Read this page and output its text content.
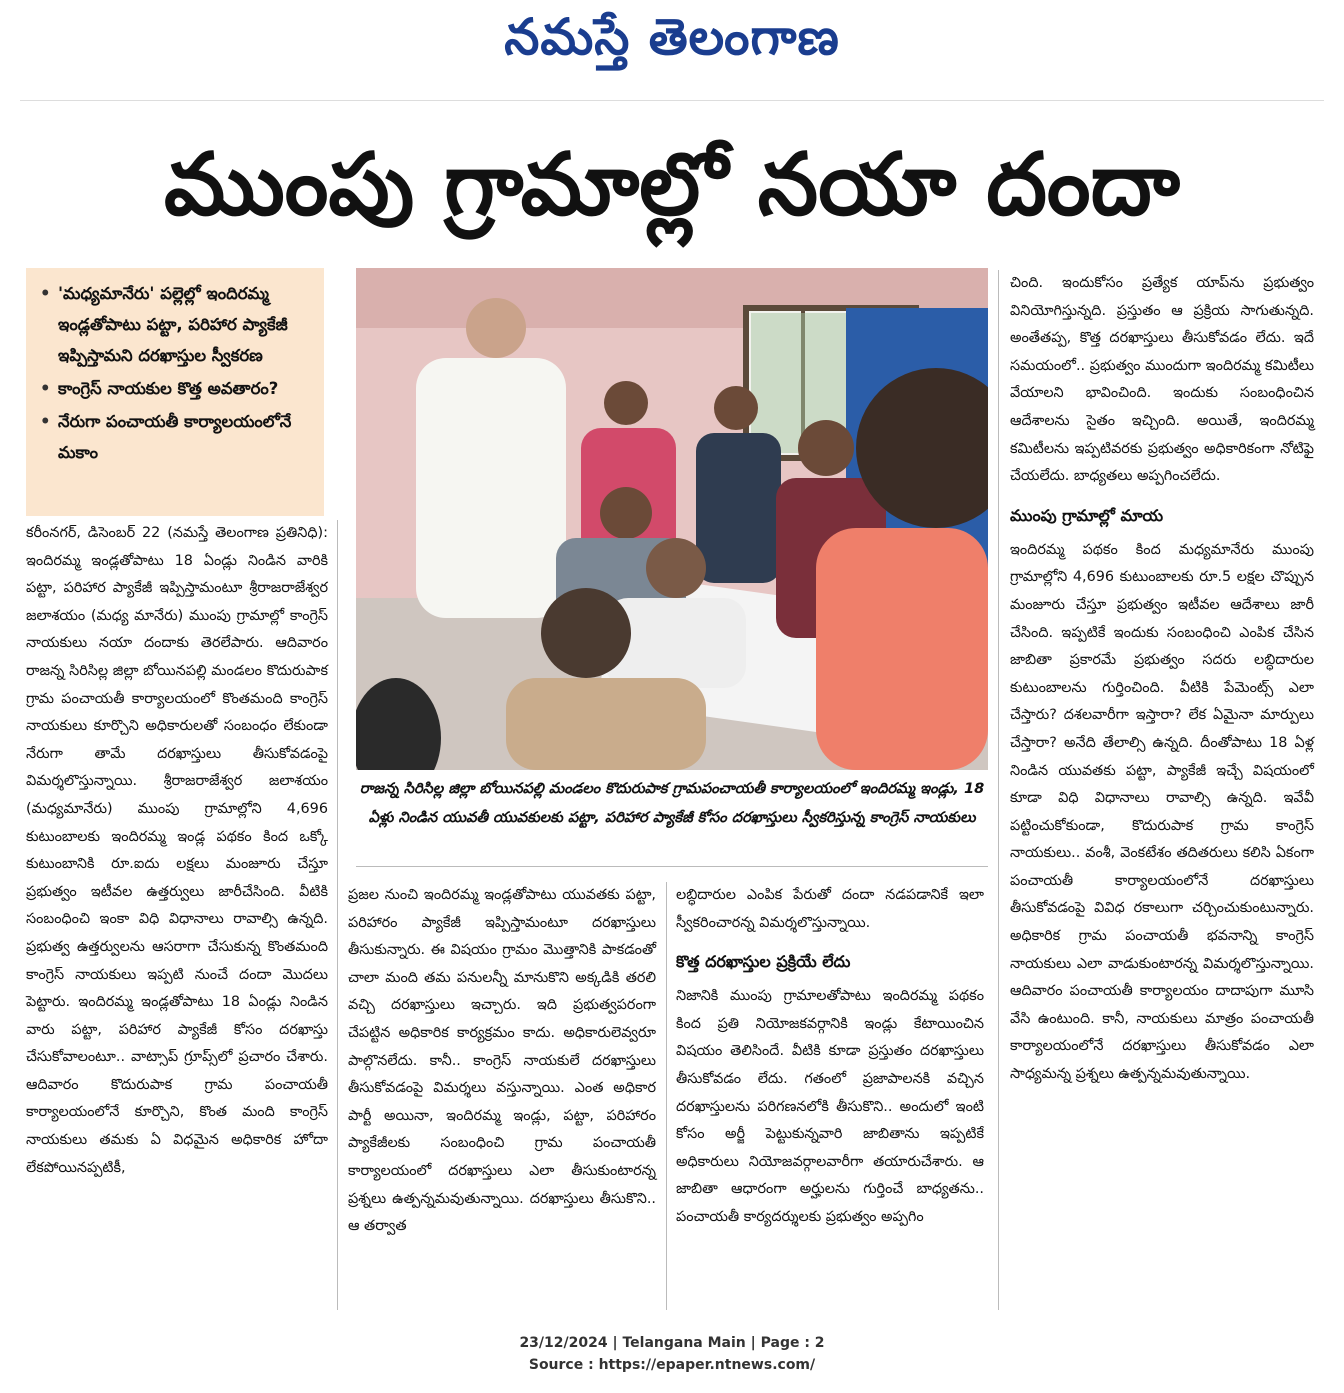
నమస్తే తెలంగాణ
ముంపు గ్రామాల్లో నయా దందా
• 'మధ్యమానేరు' పల్లెల్లో ఇందిరమ్మ ఇండ్లతోపాటు పట్టా, పరిహార ప్యాకేజీ ఇప్పిస్తామని దరఖాస్తుల స్వీకరణ
• కాంగ్రెస్ నాయకుల కొత్త అవతారం?
• నేరుగా పంచాయతీ కార్యాలయంలోనే మకాం

కరీంనగర్, డిసెంబర్ 22 (నమస్తే తెలంగాణ ప్రతినిధి): ఇందిరమ్మ ఇండ్లతోపాటు 18 ఏండ్లు నిండిన వారికి పట్టా, పరిహార ప్యాకేజీ ఇప్పిస్తామంటూ శ్రీరాజరాజేశ్వర జలాశయం (మధ్య మానేరు) ముంపు గ్రామాల్లో కాంగ్రెస్ నాయకులు నయా దందాకు తెరలేపారు. ఆదివారం రాజన్న సిరిసిల్ల జిల్లా బోయినపల్లి మండలం కొదురుపాక గ్రామ పంచాయతీ కార్యాలయంలో కొంతమంది కాంగ్రెస్ నాయకులు కూర్చొని అధికారులతో సంబంధం లేకుండా నేరుగా తామే దరఖాస్తులు తీసుకోవడంపై విమర్శలొస్తున్నాయి. శ్రీరాజరాజేశ్వర జలాశయం (మధ్యమానేరు) ముంపు గ్రామాల్లోని 4,696 కుటుంబాలకు ఇందిరమ్మ ఇండ్ల పథకం కింద ఒక్కో కుటుంబానికి రూ.ఐదు లక్షలు మంజూరు చేస్తూ ప్రభుత్వం ఇటీవల ఉత్తర్వులు జారీచేసింది. వీటికి సంబంధించి ఇంకా విధి విధానాలు రావాల్సి ఉన్నది. ప్రభుత్వ ఉత్తర్వులను ఆసరాగా చేసుకున్న కొంతమంది కాంగ్రెస్ నాయకులు ఇప్పటి నుంచే దందా మొదలు పెట్టారు. ఇందిరమ్మ ఇండ్లతోపాటు 18 ఏండ్లు నిండిన వారు పట్టా, పరిహార ప్యాకేజీ కోసం దరఖాస్తు చేసుకోవాలంటూ.. వాట్సాప్ గ్రూప్స్‌లో ప్రచారం చేశారు. ఆదివారం కొదురుపాక గ్రామ పంచాయతీ కార్యాలయంలోనే కూర్చొని, కొంత మంది కాంగ్రెస్ నాయకులు తమకు ఏ విధమైన అధికారిక హోదా లేకపోయినప్పటికీ,

రాజన్న సిరిసిల్ల జిల్లా బోయినపల్లి మండలం కొదురుపాక గ్రామపంచాయతీ కార్యాలయంలో ఇందిరమ్మ ఇండ్లు, 18 ఏళ్లు నిండిన యువతీ యువకులకు పట్టా, పరిహార ప్యాకేజీ కోసం దరఖాస్తులు స్వీకరిస్తున్న కాంగ్రెస్ నాయకులు

ప్రజల నుంచి ఇందిరమ్మ ఇండ్లతోపాటు యువతకు పట్టా, పరిహారం ప్యాకేజీ ఇప్పిస్తామంటూ దరఖాస్తులు తీసుకున్నారు. ఈ విషయం గ్రామం మొత్తానికి పాకడంతో చాలా మంది తమ పనులన్నీ మానుకొని అక్కడికి తరలి వచ్చి దరఖాస్తులు ఇచ్చారు. ఇది ప్రభుత్వపరంగా చేపట్టిన అధికారిక కార్యక్రమం కాదు. అధికారులెవ్వరూ పాల్గొనలేదు. కానీ.. కాంగ్రెస్ నాయకులే దరఖాస్తులు తీసుకోవడంపై విమర్శలు వస్తున్నాయి. ఎంత అధికార పార్టీ అయినా, ఇందిరమ్మ ఇండ్లు, పట్టా, పరిహారం ప్యాకేజీలకు సంబంధించి గ్రామ పంచాయతీ కార్యాలయంలో దరఖాస్తులు ఎలా తీసుకుంటారన్న ప్రశ్నలు ఉత్పన్నమవుతున్నాయి. దరఖాస్తులు తీసుకొని.. ఆ తర్వాత

లబ్ధిదారుల ఎంపిక పేరుతో దందా నడపడానికే ఇలా స్వీకరించారన్న విమర్శలొస్తున్నాయి.

కొత్త దరఖాస్తుల ప్రక్రియే లేదు

నిజానికి ముంపు గ్రామాలతోపాటు ఇందిరమ్మ పథకం కింద ప్రతి నియోజకవర్గానికి ఇండ్లు కేటాయించిన విషయం తెలిసిందే. వీటికి కూడా ప్రస్తుతం దరఖాస్తులు తీసుకోవడం లేదు. గతంలో ప్రజాపాలనకి వచ్చిన దరఖాస్తులను పరిగణనలోకి తీసుకొని.. అందులో ఇంటి కోసం అర్జీ పెట్టుకున్నవారి జాబితాను ఇప్పటికే అధికారులు నియోజవర్గాలవారీగా తయారుచేశారు. ఆ జాబితా ఆధారంగా అర్హులను గుర్తించే బాధ్యతను.. పంచాయతీ కార్యదర్శులకు ప్రభుత్వం అప్పగిం

చింది. ఇందుకోసం ప్రత్యేక యాప్‌ను ప్రభుత్వం వినియోగిస్తున్నది. ప్రస్తుతం ఆ ప్రక్రియ సాగుతున్నది. అంతేతప్ప, కొత్త దరఖాస్తులు తీసుకోవడం లేదు. ఇదే సమయంలో.. ప్రభుత్వం ముందుగా ఇందిరమ్మ కమిటీలు వేయాలని భావించింది. ఇందుకు సంబంధించిన ఆదేశాలను సైతం ఇచ్చింది. అయితే, ఇందిరమ్మ కమిటీలను ఇప్పటివరకు ప్రభుత్వం అధికారికంగా నోటిఫై చేయలేదు. బాధ్యతలు అప్పగించలేదు.

ముంపు గ్రామాల్లో మాయ

ఇందిరమ్మ పథకం కింద మధ్యమానేరు ముంపు గ్రామాల్లోని 4,696 కుటుంబాలకు రూ.5 లక్షల చొప్పున మంజూరు చేస్తూ ప్రభుత్వం ఇటీవల ఆదేశాలు జారీ చేసింది. ఇప్పటికే ఇందుకు సంబంధించి ఎంపిక చేసిన జాబితా ప్రకారమే ప్రభుత్వం సదరు లబ్ధిదారుల కుటుంబాలను గుర్తించింది. వీటికి పేమెంట్స్ ఎలా చేస్తారు? దశలవారీగా ఇస్తారా? లేక ఏమైనా మార్పులు చేస్తారా? అనేది తేలాల్సి ఉన్నది. దీంతోపాటు 18 ఏళ్ల నిండిన యువతకు పట్టా, ప్యాకేజీ ఇచ్చే విషయంలో కూడా విధి విధానాలు రావాల్సి ఉన్నది. ఇవేవీ పట్టించుకోకుండా, కొదురుపాక గ్రామ కాంగ్రెస్ నాయకులు.. వంశీ, వెంకటేశం తదితరులు కలిసి ఏకంగా పంచాయతీ కార్యాలయంలోనే దరఖాస్తులు తీసుకోవడంపై వివిధ రకాలుగా చర్చించుకుంటున్నారు. అధికారిక గ్రామ పంచాయతీ భవనాన్ని కాంగ్రెస్ నాయకులు ఎలా వాడుకుంటారన్న విమర్శలొస్తున్నాయి. ఆదివారం పంచాయతీ కార్యాలయం దాదాపుగా మూసి వేసి ఉంటుంది. కానీ, నాయకులు మాత్రం పంచాయతీ కార్యాలయంలోనే దరఖాస్తులు తీసుకోవడం ఎలా సాధ్యమన్న ప్రశ్నలు ఉత్పన్నమవుతున్నాయి.

23/12/2024 | Telangana Main | Page : 2
Source : https://epaper.ntnews.com/
